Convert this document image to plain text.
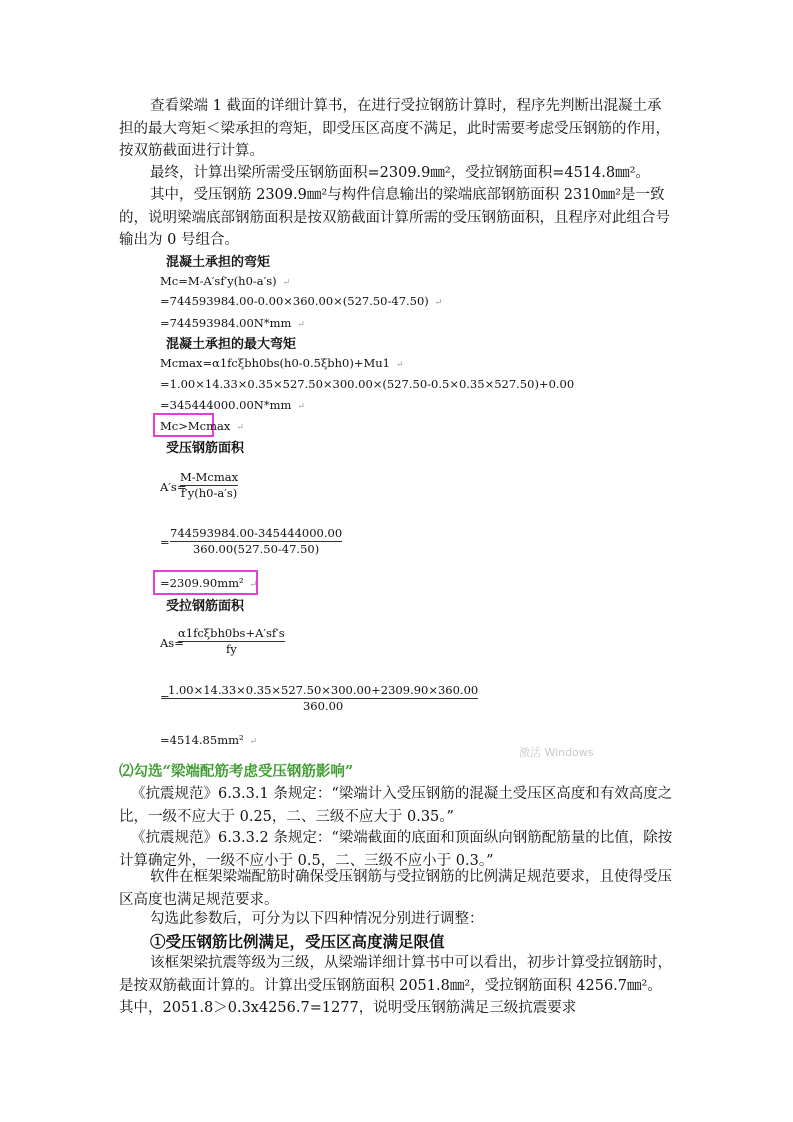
查看梁端 1 截面的详细计算书，在进行受拉钢筋计算时，程序先判断出混凝土承担的最大弯矩＜梁承担的弯矩，即受压区高度不满足，此时需要考虑受压钢筋的作用，按双筋截面进行计算。

最终，计算出梁所需受压钢筋面积=2309.9㎜²，受拉钢筋面积=4514.8㎜²。

其中，受压钢筋 2309.9㎜²与构件信息输出的梁端底部钢筋面积 2310㎜²是一致的，说明梁端底部钢筋面积是按双筋截面计算所需的受压钢筋面积，且程序对此组合号输出为 0 号组合。

混凝土承担的弯矩
Mc=M-A′sf′y(h0-a′s) ↵
=744593984.00-0.00×360.00×(527.50-47.50) ↵
=744593984.00N*mm ↵
混凝土承担的最大弯矩
Mcmax=α1fcξbh0bs(h0-0.5ξbh0)+Mu1 ↵
=1.00×14.33×0.35×527.50×300.00×(527.50-0.5×0.35×527.50)+0.00
=345444000.00N*mm ↵
Mc>Mcmax ↵
受压钢筋面积
A′s=
M-Mcmax
f′y(h0-a′s)
=
744593984.00-345444000.00
360.00(527.50-47.50)
=2309.90mm² ↵
受拉钢筋面积
As=
α1fcξbh0bs+A′sf′s
fy
=
1.00×14.33×0.35×527.50×300.00+2309.90×360.00
360.00
=4514.85mm² ↵
激活 Windows
⑵勾选“梁端配筋考虑受压钢筋影响”

《抗震规范》6.3.3.1 条规定：“梁端计入受压钢筋的混凝土受压区高度和有效高度之比，一级不应大于 0.25，二、三级不应大于 0.35。”

《抗震规范》6.3.3.2 条规定：“梁端截面的底面和顶面纵向钢筋配筋量的比值，除按计算确定外，一级不应小于 0.5，二、三级不应小于 0.3。”

软件在框架梁端配筋时确保受压钢筋与受拉钢筋的比例满足规范要求，且使得受压区高度也满足规范要求。

勾选此参数后，可分为以下四种情况分别进行调整：

①受压钢筋比例满足，受压区高度满足限值

该框架梁抗震等级为三级，从梁端详细计算书中可以看出，初步计算受拉钢筋时，是按双筋截面计算的。计算出受压钢筋面积 2051.8㎜²，受拉钢筋面积 4256.7㎜²。其中，2051.8＞0.3x4256.7=1277，说明受压钢筋满足三级抗震要求
